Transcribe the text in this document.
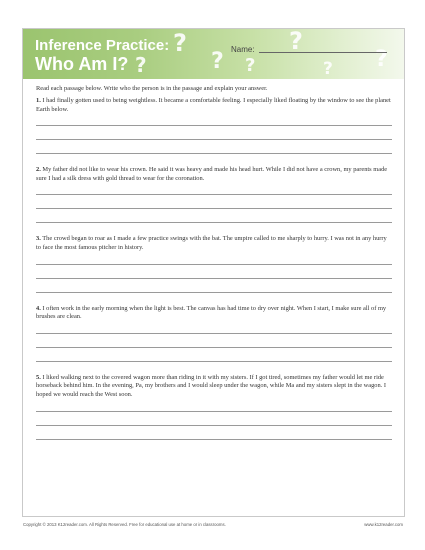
?
?	? ?
?
? ?
Inference Practice:
Who Am I?
Name:

Read each passage below. Write who the person is in the passage and explain your answer.

1. I had finally gotten used to being weightless. It became a comfortable feeling. I especially liked floating by the window to see the planet Earth below.

2. My father did not like to wear his crown. He said it was heavy and made his head hurt. While I did not have a crown, my parents made sure I had a silk dress with gold thread to wear for the coronation.

3. The crowd began to roar as I made a few practice swings with the bat. The umpire called to me sharply to hurry. I was not in any hurry to face the most famous pitcher in history.

4. I often work in the early morning when the light is best. The canvas has had time to dry over night. When I start, I make sure all of my brushes are clean.

5. I liked walking next to the covered wagon more than riding in it with my sisters. If I got tired, sometimes my father would let me ride horseback behind him. In the evening, Pa, my brothers and I would sleep under the wagon, while Ma and my sisters slept in the wagon. I hoped we would reach the West soon.

Copyright © 2013 K12reader.com. All Rights Reserved. Free for educational use at home or in classrooms.	www.k12reader.com
